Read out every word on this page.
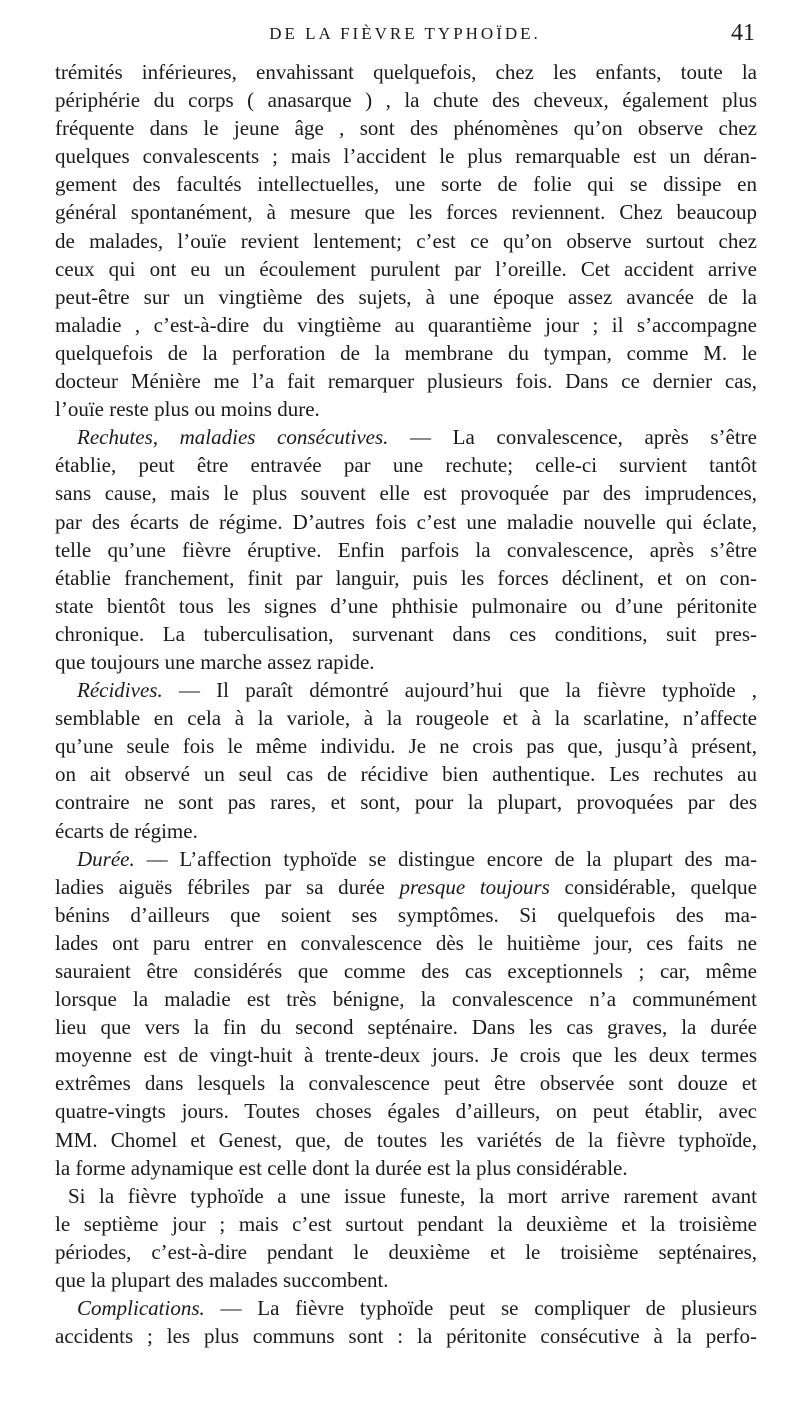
DE LA FIÈVRE TYPHOÏDE.	41
trémités inférieures, envahissant quelquefois, chez les enfants, toute la
périphérie du corps ( anasarque ) , la chute des cheveux, également plus
fréquente dans le jeune âge , sont des phénomènes qu’on observe chez
quelques convalescents ; mais l’accident le plus remarquable est un déran-
gement des facultés intellectuelles, une sorte de folie qui se dissipe en
général spontanément, à mesure que les forces reviennent. Chez beaucoup
de malades, l’ouïe revient lentement; c’est ce qu’on observe surtout chez
ceux qui ont eu un écoulement purulent par l’oreille. Cet accident arrive
peut-être sur un vingtième des sujets, à une époque assez avancée de la
maladie , c’est-à-dire du vingtième au quarantième jour ; il s’accompagne
quelquefois de la perforation de la membrane du tympan, comme M. le
docteur Ménière me l’a fait remarquer plusieurs fois. Dans ce dernier cas,
l’ouïe reste plus ou moins dure.
Rechutes, maladies consécutives. — La convalescence, après s’être
établie, peut être entravée par une rechute; celle-ci survient tantôt
sans cause, mais le plus souvent elle est provoquée par des imprudences,
par des écarts de régime. D’autres fois c’est une maladie nouvelle qui éclate,
telle qu’une fièvre éruptive. Enfin parfois la convalescence, après s’être
établie franchement, finit par languir, puis les forces déclinent, et on con-
state bientôt tous les signes d’une phthisie pulmonaire ou d’une péritonite
chronique. La tuberculisation, survenant dans ces conditions, suit pres-
que toujours une marche assez rapide.
Récidives. — Il paraît démontré aujourd’hui que la fièvre typhoïde ,
semblable en cela à la variole, à la rougeole et à la scarlatine, n’affecte
qu’une seule fois le même individu. Je ne crois pas que, jusqu’à présent,
on ait observé un seul cas de récidive bien authentique. Les rechutes au
contraire ne sont pas rares, et sont, pour la plupart, provoquées par des
écarts de régime.
Durée. — L’affection typhoïde se distingue encore de la plupart des ma-
ladies aiguës fébriles par sa durée presque toujours considérable, quelque
bénins d’ailleurs que soient ses symptômes. Si quelquefois des ma-
lades ont paru entrer en convalescence dès le huitième jour, ces faits ne
sauraient être considérés que comme des cas exceptionnels ; car, même
lorsque la maladie est très bénigne, la convalescence n’a communément
lieu que vers la fin du second septénaire. Dans les cas graves, la durée
moyenne est de vingt-huit à trente-deux jours. Je crois que les deux termes
extrêmes dans lesquels la convalescence peut être observée sont douze et
quatre-vingts jours. Toutes choses égales d’ailleurs, on peut établir, avec
MM. Chomel et Genest, que, de toutes les variétés de la fièvre typhoïde,
la forme adynamique est celle dont la durée est la plus considérable.
Si la fièvre typhoïde a une issue funeste, la mort arrive rarement avant
le septième jour ; mais c’est surtout pendant la deuxième et la troisième
périodes, c’est-à-dire pendant le deuxième et le troisième septénaires,
que la plupart des malades succombent.
Complications. — La fièvre typhoïde peut se compliquer de plusieurs
accidents ; les plus communs sont : la péritonite consécutive à la perfo-
